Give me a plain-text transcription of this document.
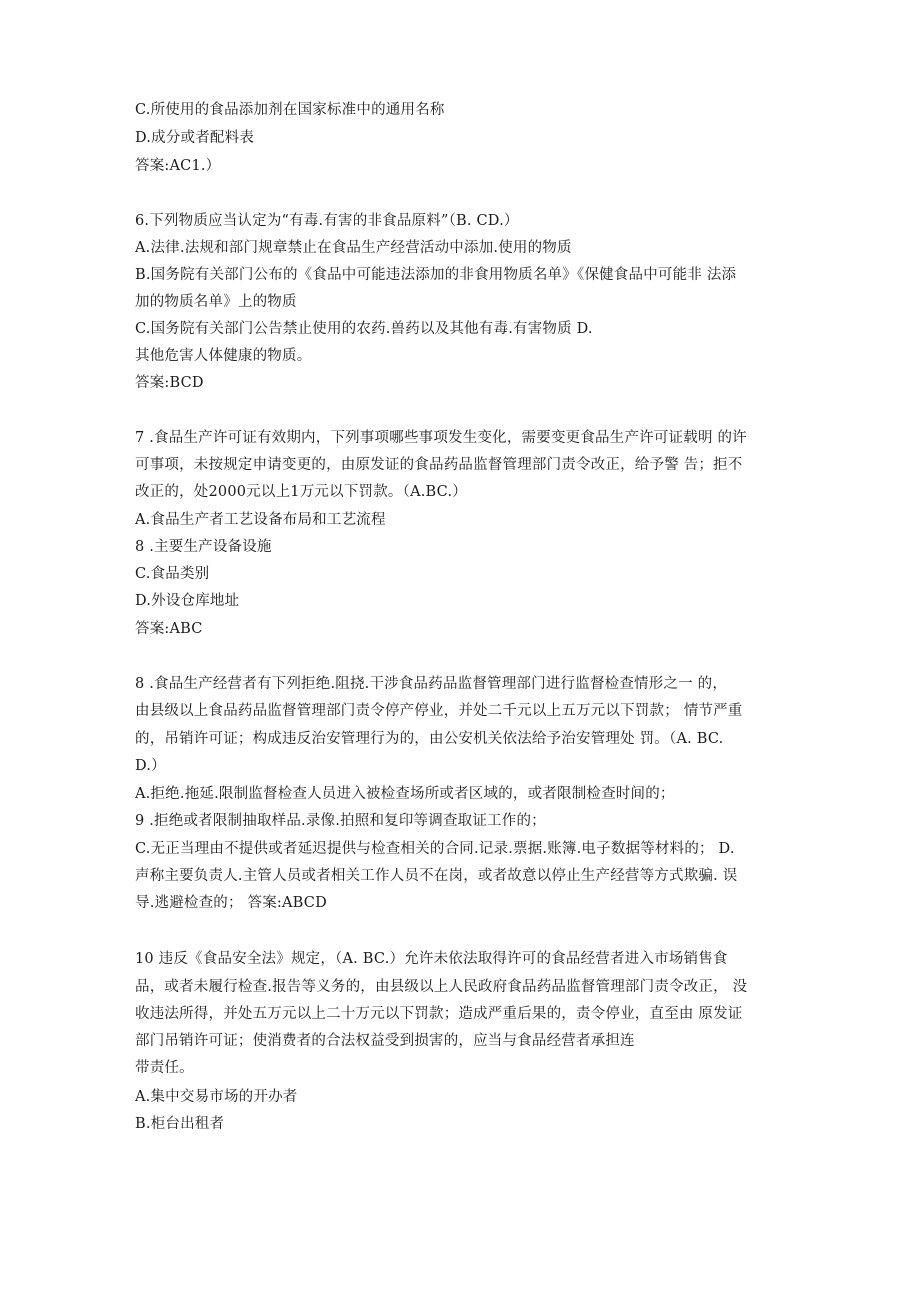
C.所使用的食品添加剂在国家标准中的通用名称
D.成分或者配料表
答案:AC1.）
6.下列物质应当认定为“有毒.有害的非食品原料”（B. CD.）
A.法律.法规和部门规章禁止在食品生产经营活动中添加.使用的物质
B.国务院有关部门公布的《食品中可能违法添加的非食用物质名单》《保健食品中可能非 法添
加的物质名单》上的物质
C.国务院有关部门公告禁止使用的农药.兽药以及其他有毒.有害物质 D.
其他危害人体健康的物质。
答案:BCD
7 .食品生产许可证有效期内，下列事项哪些事项发生变化，需要变更食品生产许可证载明 的许
可事项，未按规定申请变更的，由原发证的食品药品监督管理部门责令改正，给予警 告；拒不
改正的，处2000元以上1万元以下罚款。（A.BC.）
A.食品生产者工艺设备布局和工艺流程
8 .主要生产设备设施
C.食品类别
D.外设仓库地址
答案:ABC
8 .食品生产经营者有下列拒绝.阻挠.干涉食品药品监督管理部门进行监督检查情形之一 的，
由县级以上食品药品监督管理部门责令停产停业，并处二千元以上五万元以下罚款； 情节严重
的，吊销许可证；构成违反治安管理行为的，由公安机关依法给予治安管理处 罚。（A. BC.
D.）
A.拒绝.拖延.限制监督检查人员进入被检查场所或者区域的，或者限制检查时间的；
9 .拒绝或者限制抽取样品.录像.拍照和复印等调查取证工作的；
C.无正当理由不提供或者延迟提供与检查相关的合同.记录.票据.账簿.电子数据等材料的； D.
声称主要负责人.主管人员或者相关工作人员不在岗，或者故意以停止生产经营等方式欺骗. 误
导.逃避检查的； 答案:ABCD
10 违反《食品安全法》规定，（A. BC.）允许未依法取得许可的食品经营者进入市场销售食
品，或者未履行检查.报告等义务的，由县级以上人民政府食品药品监督管理部门责令改正， 没
收违法所得，并处五万元以上二十万元以下罚款；造成严重后果的，责令停业，直至由 原发证
部门吊销许可证；使消费者的合法权益受到损害的，应当与食品经营者承担连
带责任。
A.集中交易市场的开办者
B.柜台出租者
